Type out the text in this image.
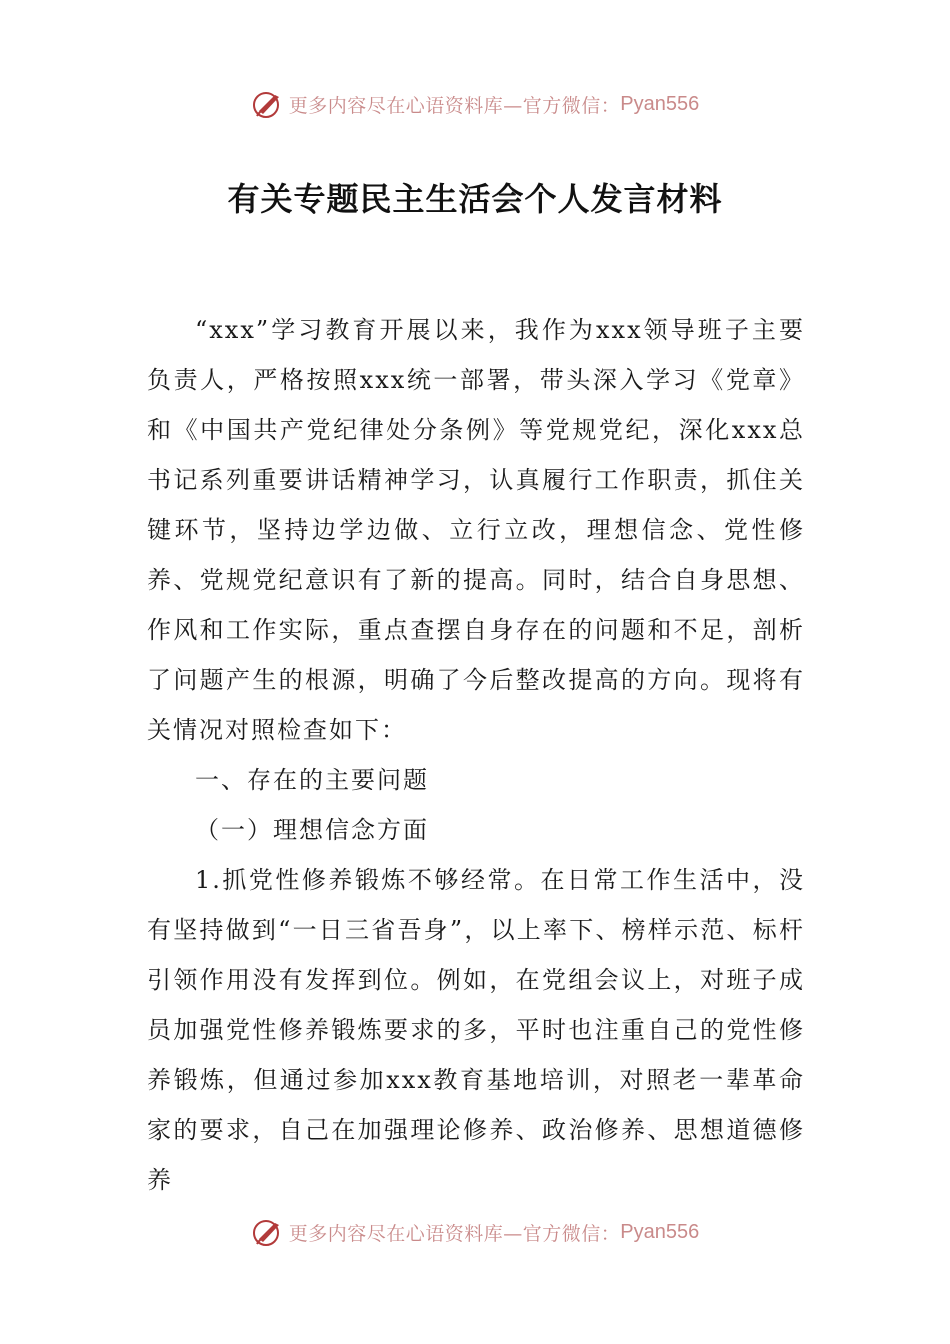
更多内容尽在心语资料库—官方微信： Pyan556
有关专题民主生活会个人发言材料

“xxx”学习教育开展以来，我作为xxx领导班子主要负责人，严格按照xxx统一部署，带头深入学习《党章》和《中国共产党纪律处分条例》等党规党纪，深化xxx总书记系列重要讲话精神学习，认真履行工作职责，抓住关键环节，坚持边学边做、立行立改，理想信念、党性修养、党规党纪意识有了新的提高。同时，结合自身思想、作风和工作实际，重点查摆自身存在的问题和不足，剖析了问题产生的根源，明确了今后整改提高的方向。现将有关情况对照检查如下：

一、存在的主要问题

（一）理想信念方面

1.抓党性修养锻炼不够经常。在日常工作生活中，没有坚持做到“一日三省吾身”，以上率下、榜样示范、标杆引领作用没有发挥到位。例如，在党组会议上，对班子成员加强党性修养锻炼要求的多，平时也注重自己的党性修养锻炼，但通过参加xxx教育基地培训，对照老一辈革命家的要求，自己在加强理论修养、政治修养、思想道德修养

更多内容尽在心语资料库—官方微信： Pyan556
